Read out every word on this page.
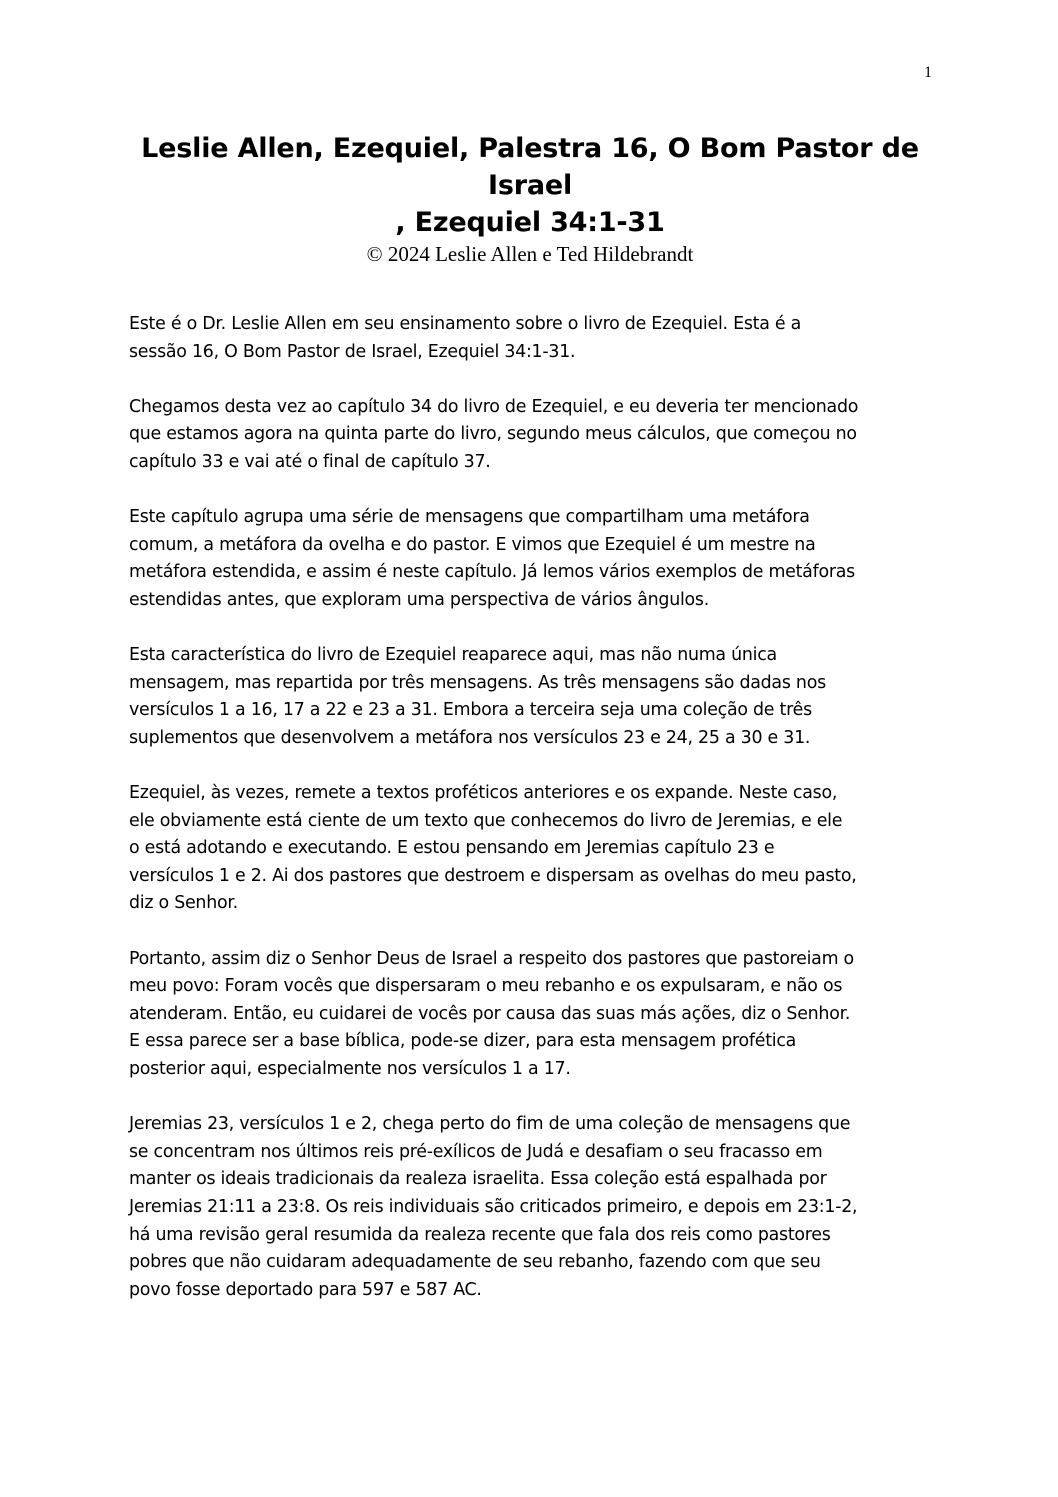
1
Leslie Allen, Ezequiel, Palestra 16, O Bom Pastor de
Israel
, Ezequiel 34:1-31
© 2024 Leslie Allen e Ted Hildebrandt

Este é o Dr. Leslie Allen em seu ensinamento sobre o livro de Ezequiel. Esta é a
sessão 16, O Bom Pastor de Israel, Ezequiel 34:1-31.

Chegamos desta vez ao capítulo 34 do livro de Ezequiel, e eu deveria ter mencionado
que estamos agora na quinta parte do livro, segundo meus cálculos, que começou no
capítulo 33 e vai até o final de capítulo 37.

Este capítulo agrupa uma série de mensagens que compartilham uma metáfora
comum, a metáfora da ovelha e do pastor. E vimos que Ezequiel é um mestre na
metáfora estendida, e assim é neste capítulo. Já lemos vários exemplos de metáforas
estendidas antes, que exploram uma perspectiva de vários ângulos.

Esta característica do livro de Ezequiel reaparece aqui, mas não numa única
mensagem, mas repartida por três mensagens. As três mensagens são dadas nos
versículos 1 a 16, 17 a 22 e 23 a 31. Embora a terceira seja uma coleção de três
suplementos que desenvolvem a metáfora nos versículos 23 e 24, 25 a 30 e 31.

Ezequiel, às vezes, remete a textos proféticos anteriores e os expande. Neste caso,
ele obviamente está ciente de um texto que conhecemos do livro de Jeremias, e ele
o está adotando e executando. E estou pensando em Jeremias capítulo 23 e
versículos 1 e 2. Ai dos pastores que destroem e dispersam as ovelhas do meu pasto,
diz o Senhor.

Portanto, assim diz o Senhor Deus de Israel a respeito dos pastores que pastoreiam o
meu povo: Foram vocês que dispersaram o meu rebanho e os expulsaram, e não os
atenderam. Então, eu cuidarei de vocês por causa das suas más ações, diz o Senhor.
E essa parece ser a base bíblica, pode-se dizer, para esta mensagem profética
posterior aqui, especialmente nos versículos 1 a 17.

Jeremias 23, versículos 1 e 2, chega perto do fim de uma coleção de mensagens que
se concentram nos últimos reis pré-exílicos de Judá e desafiam o seu fracasso em
manter os ideais tradicionais da realeza israelita. Essa coleção está espalhada por
Jeremias 21:11 a 23:8. Os reis individuais são criticados primeiro, e depois em 23:1-2,
há uma revisão geral resumida da realeza recente que fala dos reis como pastores
pobres que não cuidaram adequadamente de seu rebanho, fazendo com que seu
povo fosse deportado para 597 e 587 AC.
